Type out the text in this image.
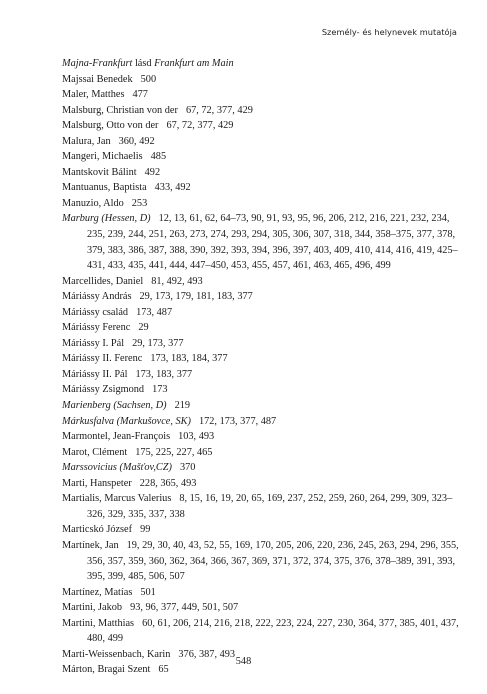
Személy- és helynevek mutatója
Majna-Frankfurt lásd Frankfurt am Main
Majssai Benedek 500
Maler, Matthes 477
Malsburg, Christian von der 67, 72, 377, 429
Malsburg, Otto von der 67, 72, 377, 429
Malura, Jan 360, 492
Mangeri, Michaelis 485
Mantskovit Bálint 492
Mantuanus, Baptista 433, 492
Manuzio, Aldo 253
Marburg (Hessen, D) 12, 13, 61, 62, 64–73, 90, 91, 93, 95, 96, 206, 212, 216, 221, 232, 234, 235, 239, 244, 251, 263, 273, 274, 293, 294, 305, 306, 307, 318, 344, 358–375, 377, 378, 379, 383, 386, 387, 388, 390, 392, 393, 394, 396, 397, 403, 409, 410, 414, 416, 419, 425–431, 433, 435, 441, 444, 447–450, 453, 455, 457, 461, 463, 465, 496, 499
Marcellides, Daniel 81, 492, 493
Máriássy András 29, 173, 179, 181, 183, 377
Máriássy család 173, 487
Máriássy Ferenc 29
Máriássy I. Pál 29, 173, 377
Máriássy II. Ferenc 173, 183, 184, 377
Máriássy II. Pál 173, 183, 377
Máriássy Zsigmond 173
Marienberg (Sachsen, D) 219
Márkusfalva (Markušovce, SK) 172, 173, 377, 487
Marmontel, Jean-François 103, 493
Marot, Clément 175, 225, 227, 465
Marssovicius (Mašťov,CZ) 370
Marti, Hanspeter 228, 365, 493
Martialis, Marcus Valerius 8, 15, 16, 19, 20, 65, 169, 237, 252, 259, 260, 264, 299, 309, 323–326, 329, 335, 337, 338
Marticskó József 99
Martínek, Jan 19, 29, 30, 40, 43, 52, 55, 169, 170, 205, 206, 220, 236, 245, 263, 294, 296, 355, 356, 357, 359, 360, 362, 364, 366, 367, 369, 371, 372, 374, 375, 376, 378–389, 391, 393, 395, 399, 485, 506, 507
Martínez, Matías 501
Martini, Jakob 93, 96, 377, 449, 501, 507
Martini, Matthias 60, 61, 206, 214, 216, 218, 222, 223, 224, 227, 230, 364, 377, 385, 401, 437, 480, 499
Marti-Weissenbach, Karin 376, 387, 493
Márton, Bragai Szent 65
548
